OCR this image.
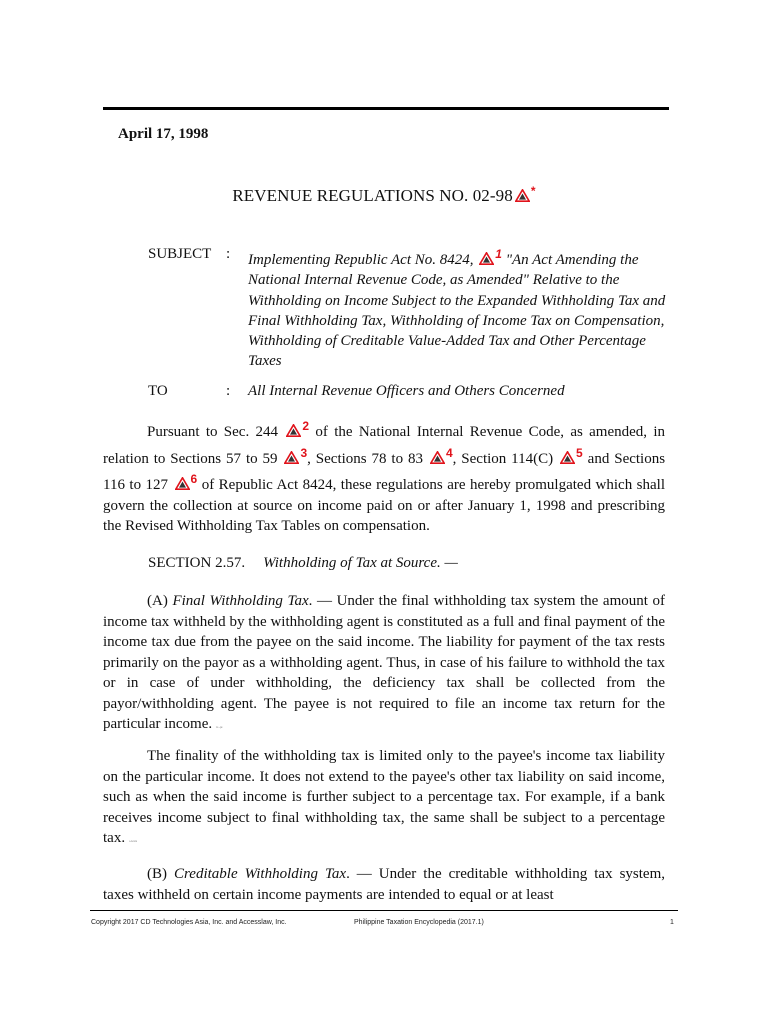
April 17, 1998
REVENUE REGULATIONS NO. 02-98 *
SUBJECT : Implementing Republic Act No. 8424, $^1$ "An Act Amending the National Internal Revenue Code, as Amended" Relative to the Withholding on Income Subject to the Expanded Withholding Tax and Final Withholding Tax, Withholding of Income Tax on Compensation, Withholding of Creditable Value-Added Tax and Other Percentage Taxes
TO	: All Internal Revenue Officers and Others Concerned

Pursuant to Sec. 244 $^2$ of the National Internal Revenue Code, as amended, in relation to Sections 57 to 59 $^3$, Sections 78 to 83 $^4$, Section 114(C) $^5$ and Sections 116 to 127 $^6$ of Republic Act 8424, these regulations are hereby promulgated which shall govern the collection at source on income paid on or after January 1, 1998 and prescribing the Revised Withholding Tax Tables on compensation.

SECTION 2.57. Withholding of Tax at Source. —

(A) Final Withholding Tax. — Under the final withholding tax system the amount of income tax withheld by the withholding agent is constituted as a full and final payment of the income tax due from the payee on the said income. The liability for payment of the tax rests primarily on the payor as a withholding agent. Thus, in case of his failure to withhold the tax or in case of under withholding, the deficiency tax shall be collected from the payor/withholding agent. The payee is not required to file an income tax return for the particular income. i.t.-pr.

The finality of the withholding tax is limited only to the payee's income tax liability on the particular income. It does not extend to the payee's other tax liability on said income, such as when the said income is further subject to a percentage tax. For example, if a bank receives income subject to final withholding tax, the same shall be subject to a percentage tax. o-lexis

(B) Creditable Withholding Tax. — Under the creditable withholding tax system, taxes withheld on certain income payments are intended to equal or at least

Copyright 2017 CD Technologies Asia, Inc. and Accesslaw, Inc.	Philippine Taxation Encyclopedia (2017.1)	1
